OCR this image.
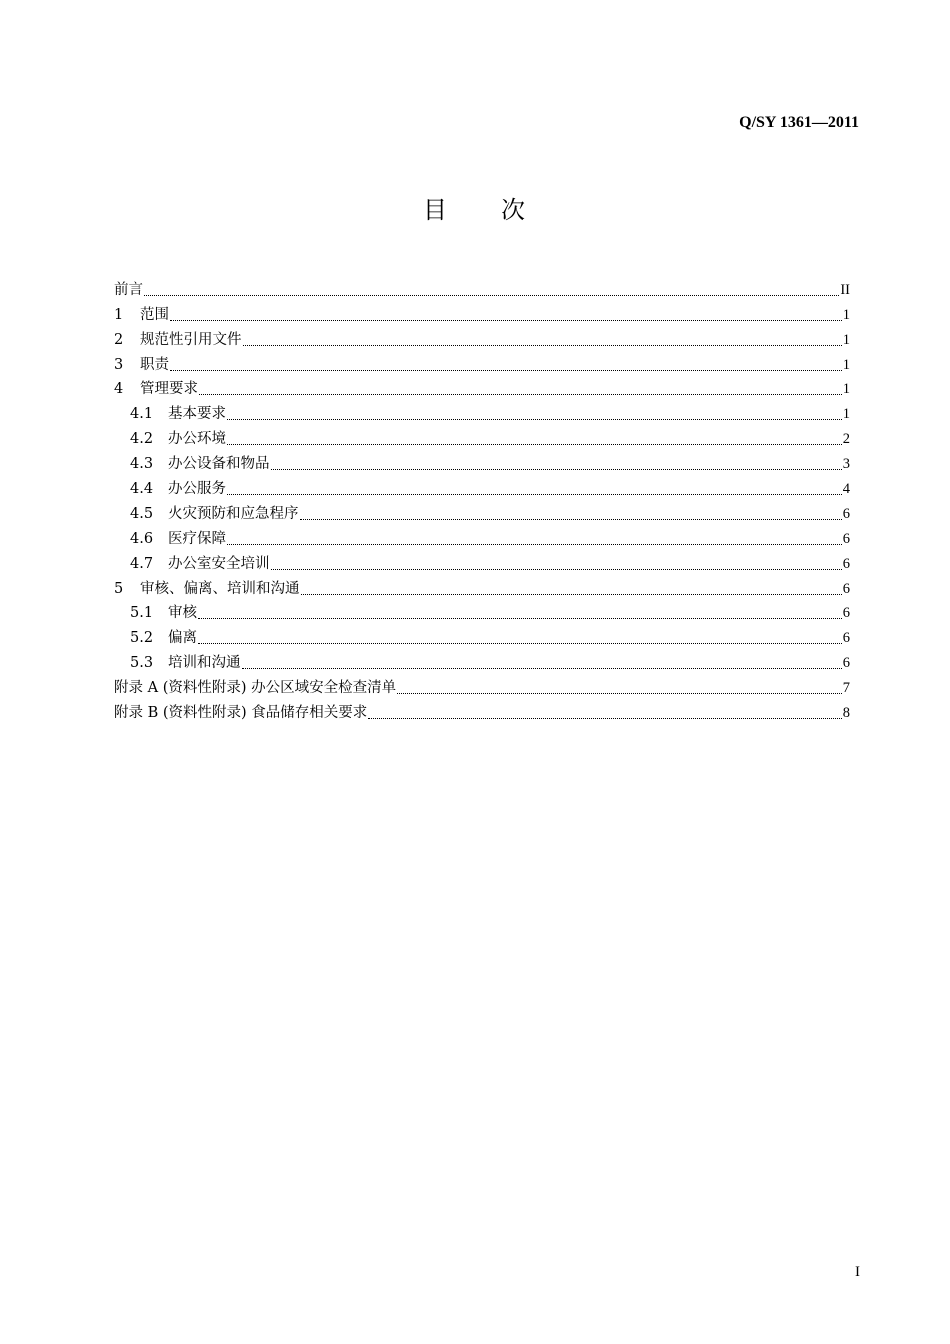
Q/SY 1361—2011
目 次
前言	II
1	范围	1
2	规范性引用文件	1
3	职责	1
4	管理要求	1
4.1	基本要求	1
4.2	办公环境	2
4.3	办公设备和物品	3
4.4	办公服务	4
4.5	火灾预防和应急程序	6
4.6	医疗保障	6
4.7	办公室安全培训	6
5	审核、偏离、培训和沟通	6
5.1	审核	6
5.2	偏离	6
5.3	培训和沟通	6
附录 A (资料性附录) 办公区域安全检查清单	7
附录 B (资料性附录) 食品储存相关要求	8
I
